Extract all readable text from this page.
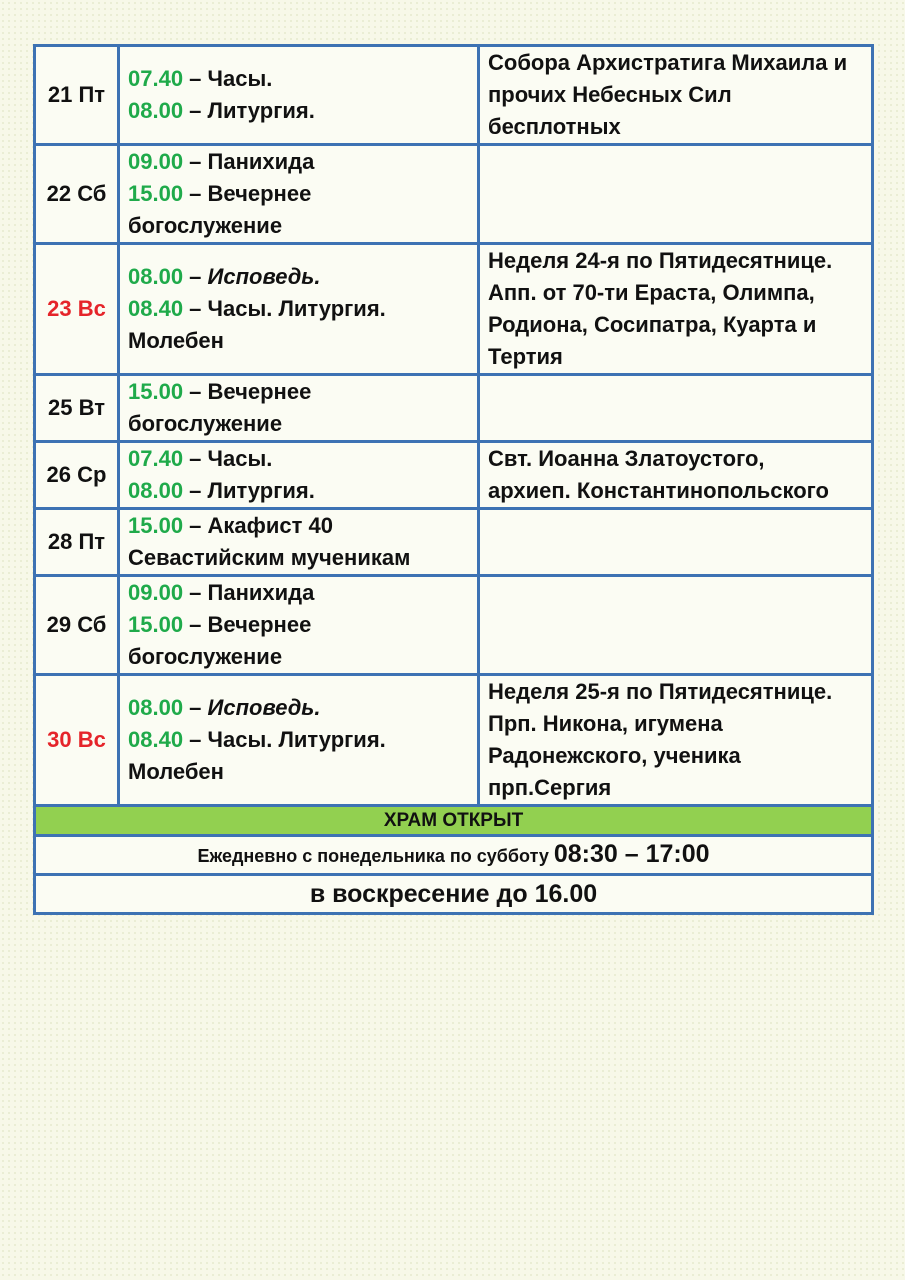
21 Пт	07.40 – Часы.
08.00 – Литургия.	Собора Архистратига Михаила и
прочих Небесных Сил
бесплотных

22 Сб	09.00 – Панихида
15.00 – Вечернее
богослужение	

23 Вс	08.00 – Исповедь.
08.40 – Часы. Литургия.
Молебен	Неделя 24-я по Пятидесятнице.
Апп. от 70-ти Ераста, Олимпа,
Родиона, Сосипатра, Куарта и
Тертия

25 Вт	15.00 – Вечернее
богослужение	

26 Ср	07.40 – Часы.
08.00 – Литургия.	Свт. Иоанна Златоустого,
архиеп. Константинопольского

28 Пт	15.00 – Акафист 40
Севастийским мученикам	

29 Сб	09.00 – Панихида
15.00 – Вечернее
богослужение	

30 Вс	08.00 – Исповедь.
08.40 – Часы. Литургия.
Молебен	Неделя 25-я по Пятидесятнице.
Прп. Никона, игумена
Радонежского, ученика
прп.Сергия

ХРАМ ОТКРЫТ		
Ежедневно с понедельника по субботу 08:30 – 17:00		
в воскресение до 16.00		
